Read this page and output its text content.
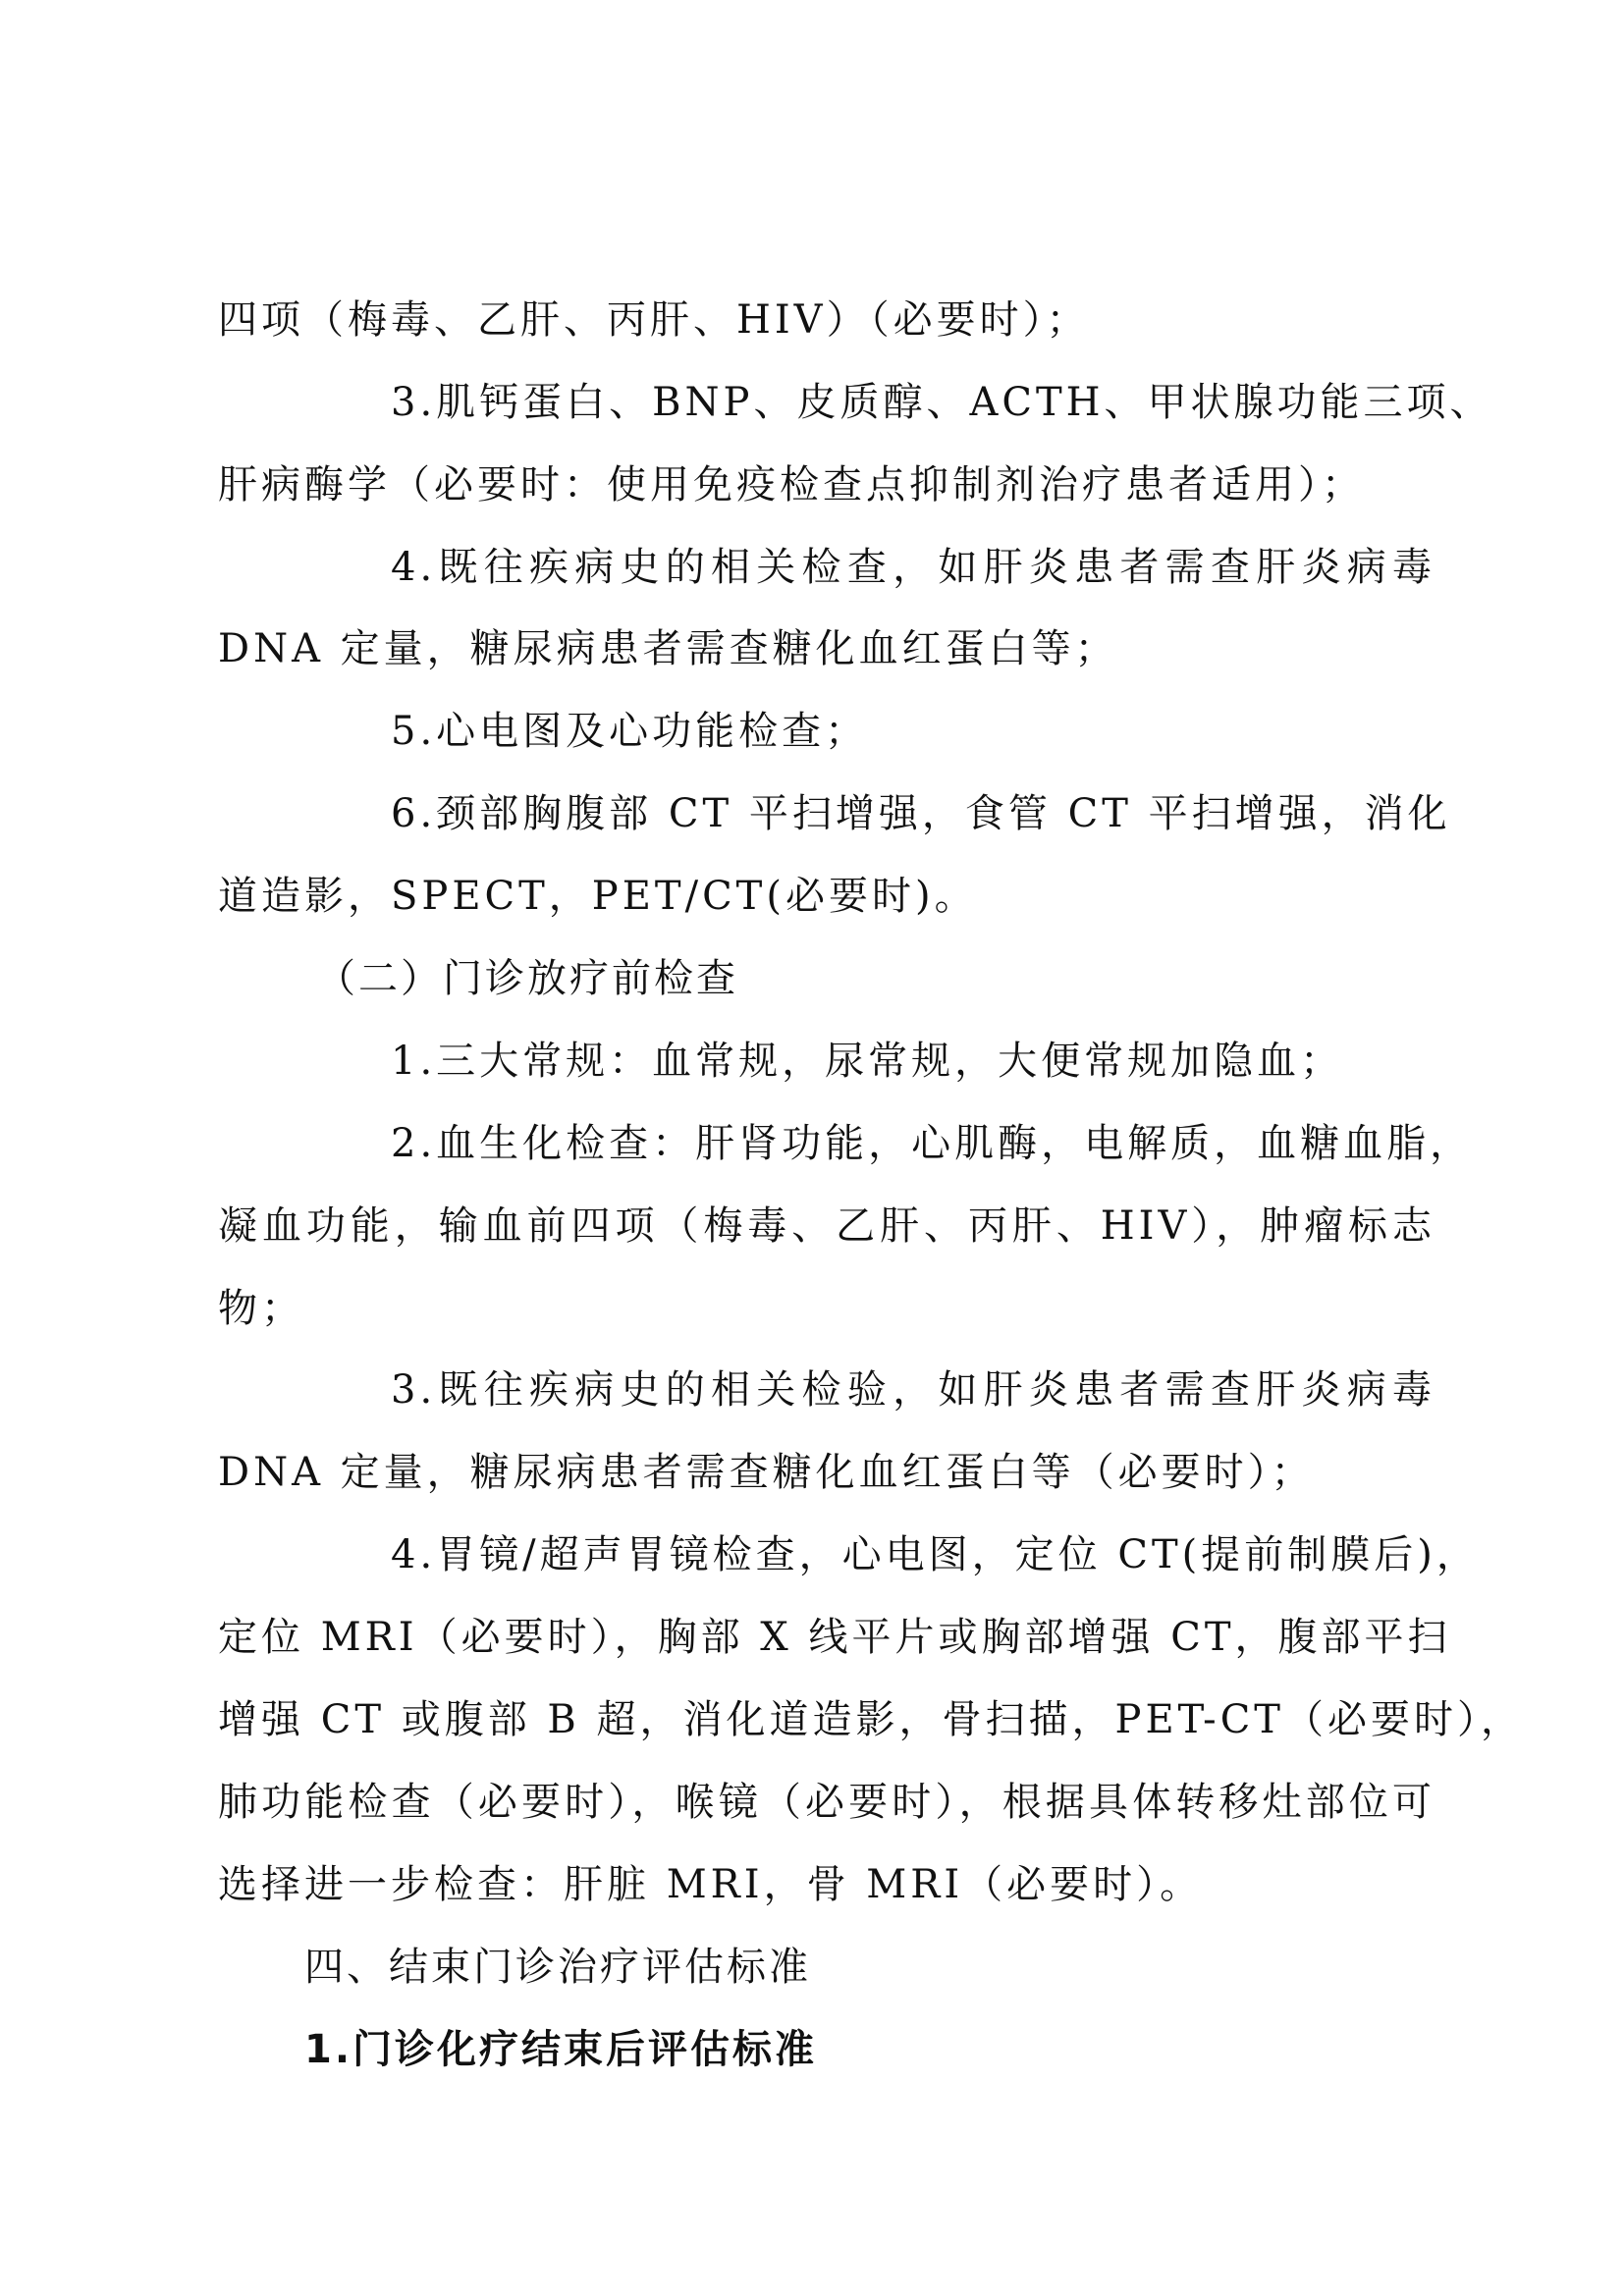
四项（梅毒、乙肝、丙肝、HIV）（必要时）；
3.肌钙蛋白、BNP、皮质醇、ACTH、甲状腺功能三项、
肝病酶学（必要时：使用免疫检查点抑制剂治疗患者适用）；
4.既往疾病史的相关检查，如肝炎患者需查肝炎病毒
DNA 定量，糖尿病患者需查糖化血红蛋白等；
5.心电图及心功能检查；
6.颈部胸腹部 CT 平扫增强，食管 CT 平扫增强，消化
道造影，SPECT，PET/CT(必要时)。
（二）门诊放疗前检查
1.三大常规：血常规，尿常规，大便常规加隐血；
2.血生化检查：肝肾功能，心肌酶，电解质，血糖血脂，
凝血功能，输血前四项（梅毒、乙肝、丙肝、HIV），肿瘤标志
物；
3.既往疾病史的相关检验，如肝炎患者需查肝炎病毒
DNA 定量，糖尿病患者需查糖化血红蛋白等（必要时）；
4.胃镜/超声胃镜检查，心电图，定位 CT(提前制膜后)，
定位 MRI（必要时），胸部 X 线平片或胸部增强 CT，腹部平扫
增强 CT 或腹部 B 超，消化道造影，骨扫描，PET-CT（必要时），
肺功能检查（必要时），喉镜（必要时），根据具体转移灶部位可
选择进一步检查：肝脏 MRI，骨 MRI（必要时）。
四、结束门诊治疗评估标准
1.门诊化疗结束后评估标准
